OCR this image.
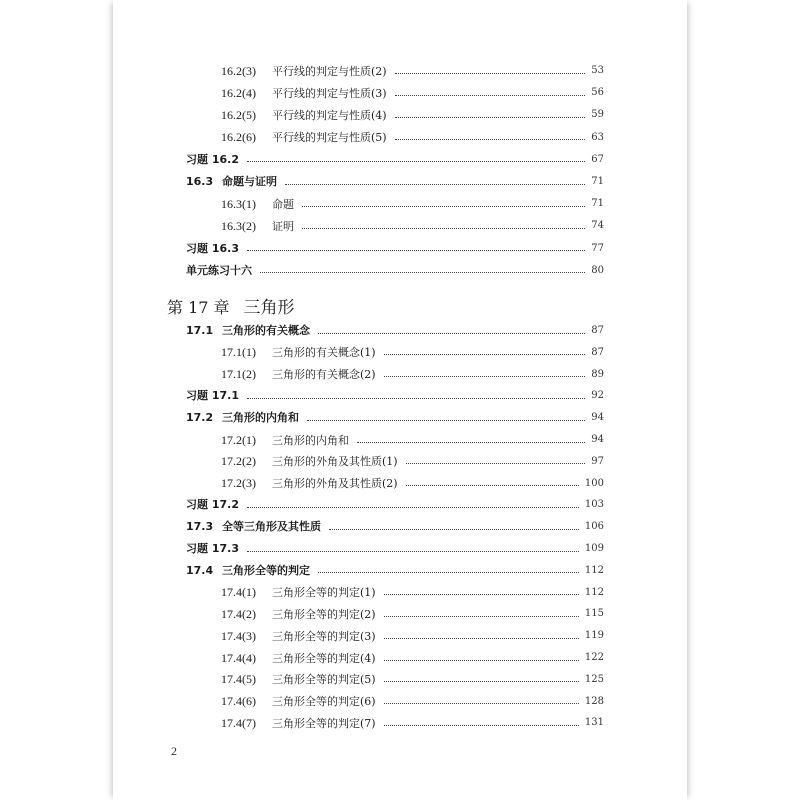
第 17 章 三角形
16.2(3) 平行线的判定与性质(2)	53
16.2(4) 平行线的判定与性质(3)	56
16.2(5) 平行线的判定与性质(4)	59
16.2(6) 平行线的判定与性质(5)	63
习题 16.2	67
16.3 命题与证明	71
16.3(1) 命题	71
16.3(2) 证明	74
习题 16.3	77
单元练习十六	80
17.1 三角形的有关概念	87
17.1(1) 三角形的有关概念(1)	87
17.1(2) 三角形的有关概念(2)	89
习题 17.1	92
17.2 三角形的内角和	94
17.2(1) 三角形的内角和	94
17.2(2) 三角形的外角及其性质(1)	97
17.2(3) 三角形的外角及其性质(2)	100
习题 17.2	103
17.3 全等三角形及其性质	106
习题 17.3	109
17.4 三角形全等的判定	112
17.4(1) 三角形全等的判定(1)	112
17.4(2) 三角形全等的判定(2)	115
17.4(3) 三角形全等的判定(3)	119
17.4(4) 三角形全等的判定(4)	122
17.4(5) 三角形全等的判定(5)	125
17.4(6) 三角形全等的判定(6)	128
17.4(7) 三角形全等的判定(7)	131
2
